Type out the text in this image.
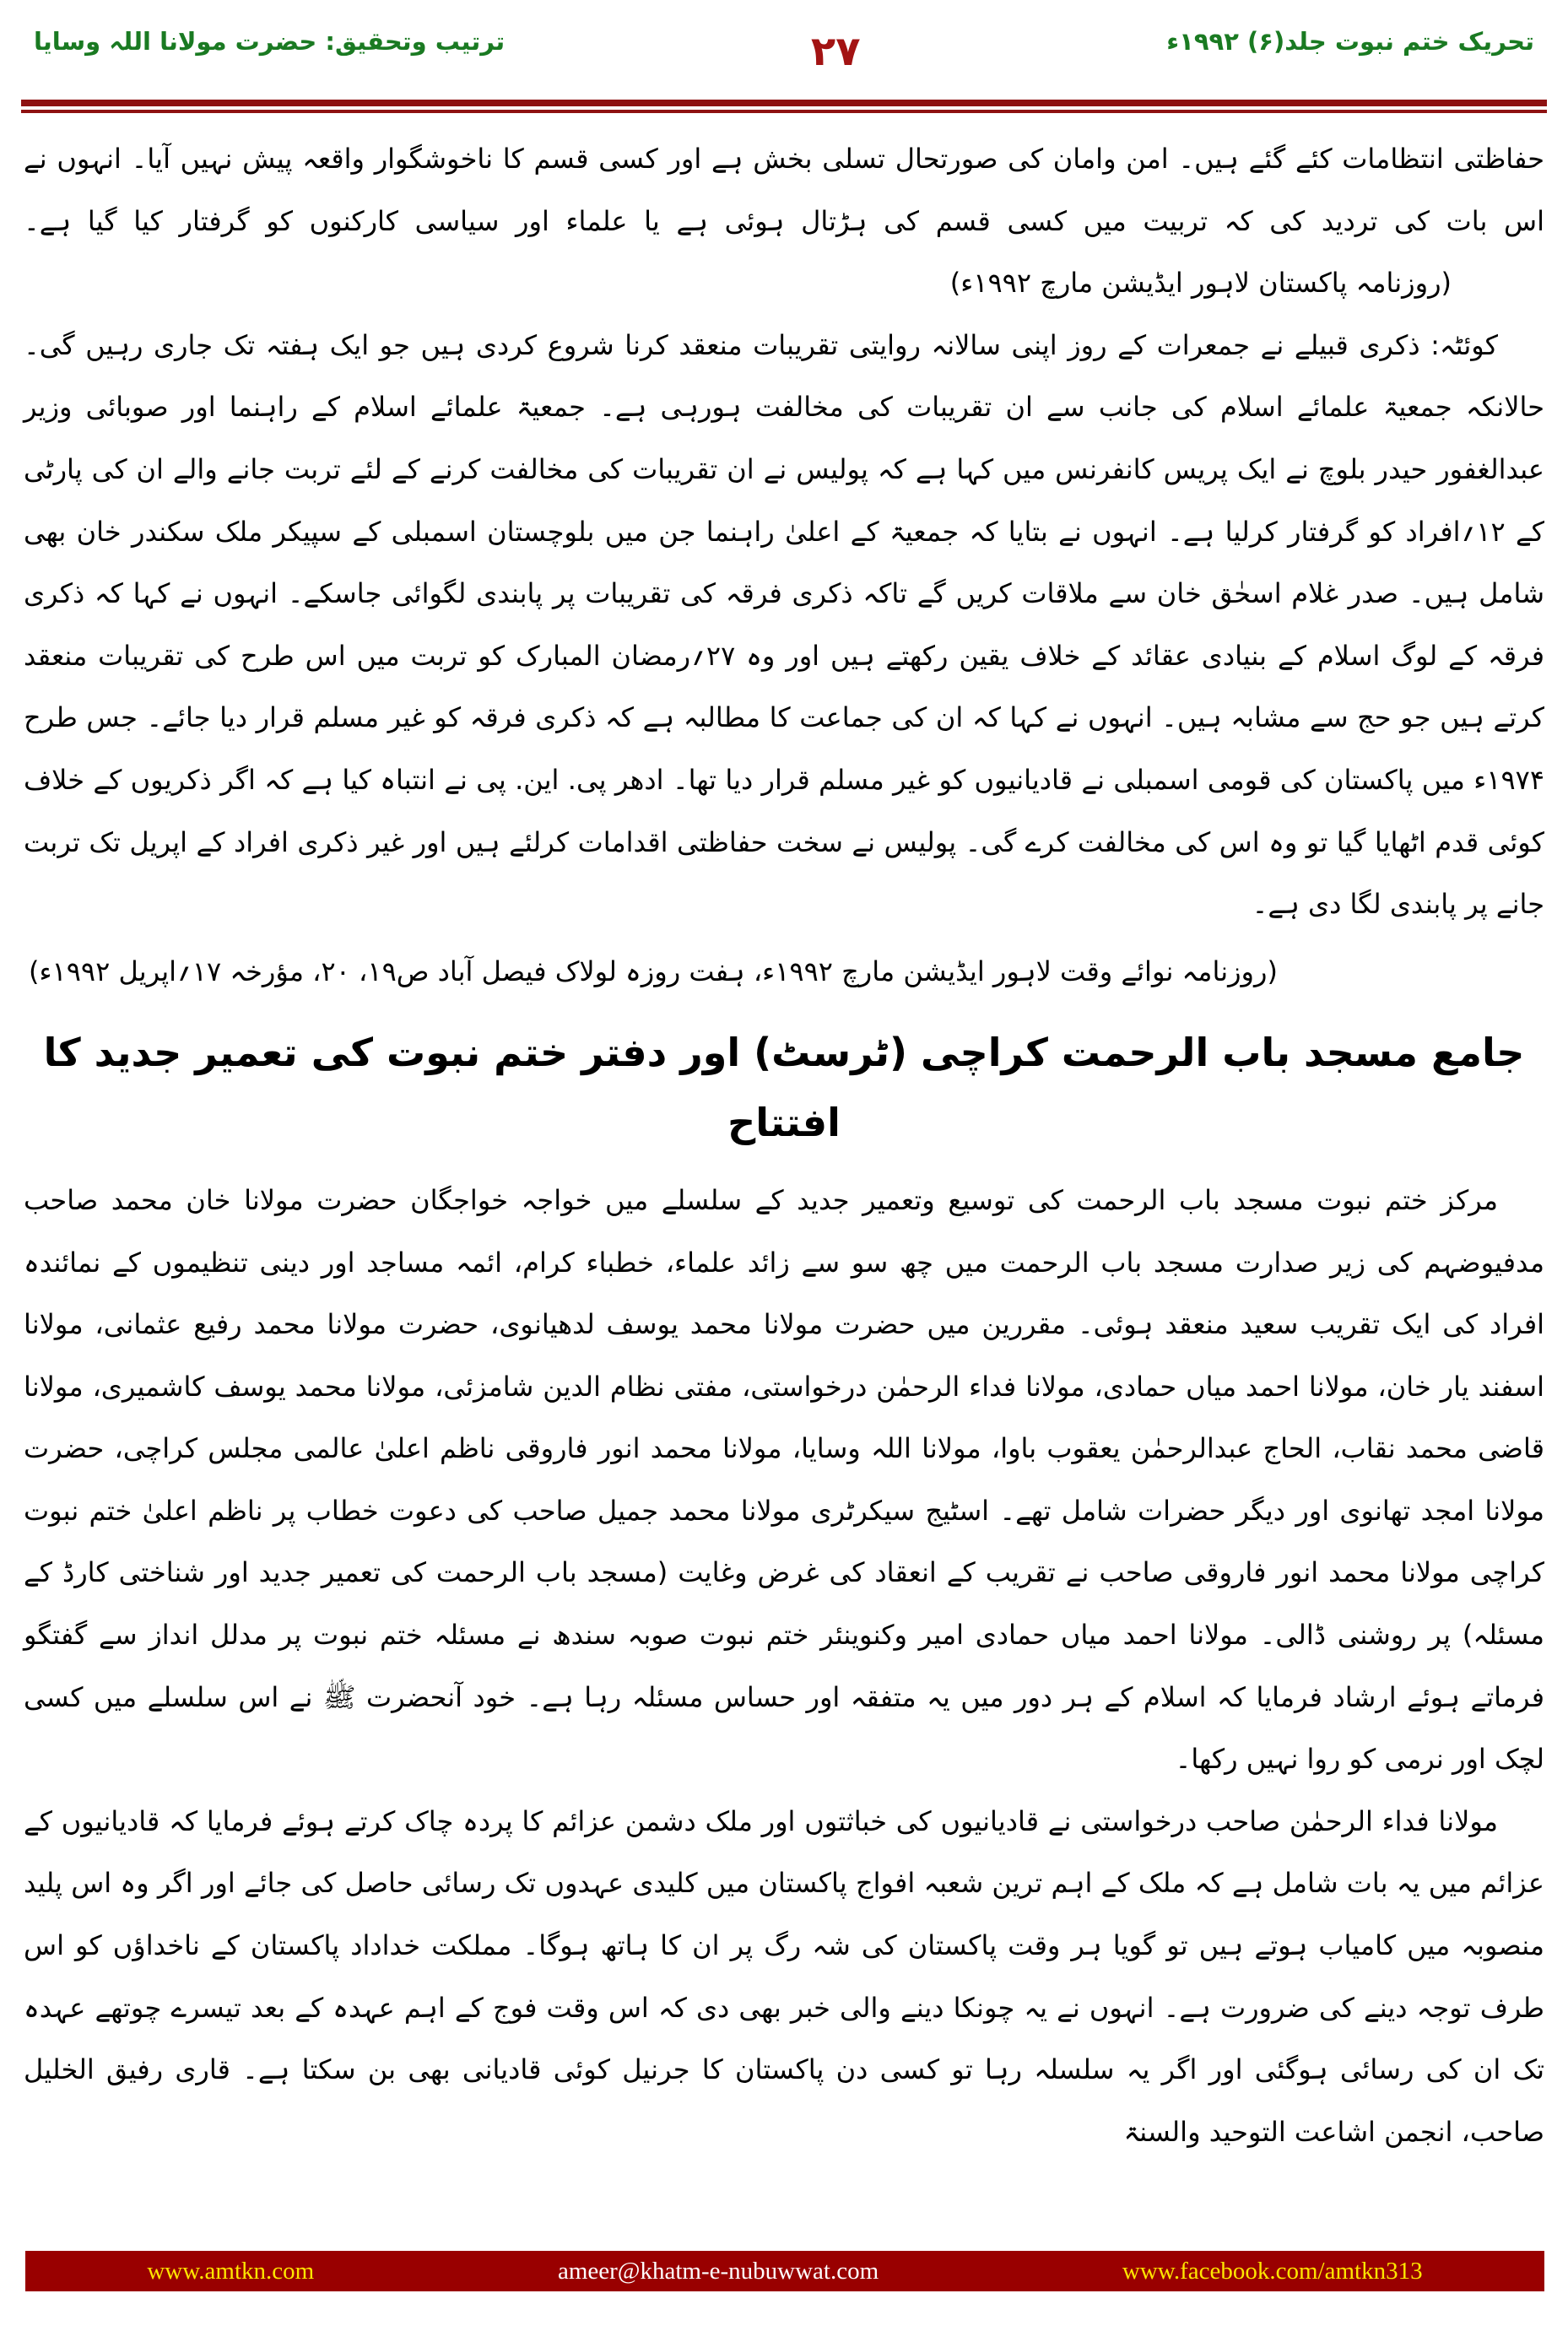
ترتیب وتحقیق: حضرت مولانا اللہ وسایا	۲۷	تحریک ختم نبوت جلد(۶) ۱۹۹۲ء

حفاظتی انتظامات کئے گئے ہیں۔ امن وامان کی صورتحال تسلی بخش ہے اور کسی قسم کا ناخوشگوار واقعہ پیش نہیں آیا۔ انہوں نے اس بات کی تردید کی کہ تربیت میں کسی قسم کی ہڑتال ہوئی ہے یا علماء اور سیاسی کارکنوں کو گرفتار کیا گیا ہے۔ (روزنامہ پاکستان لاہور ایڈیشن مارچ ۱۹۹۲ء)

کوئٹہ: ذکری قبیلے نے جمعرات کے روز اپنی سالانہ روایتی تقریبات منعقد کرنا شروع کردی ہیں جو ایک ہفتہ تک جاری رہیں گی۔ حالانکہ جمعیۃ علمائے اسلام کی جانب سے ان تقریبات کی مخالفت ہورہی ہے۔ جمعیۃ علمائے اسلام کے راہنما اور صوبائی وزیر عبدالغفور حیدر بلوچ نے ایک پریس کانفرنس میں کہا ہے کہ پولیس نے ان تقریبات کی مخالفت کرنے کے لئے تربت جانے والے ان کی پارٹی کے ۱۲؍افراد کو گرفتار کرلیا ہے۔ انہوں نے بتایا کہ جمعیۃ کے اعلیٰ راہنما جن میں بلوچستان اسمبلی کے سپیکر ملک سکندر خان بھی شامل ہیں۔ صدر غلام اسحٰق خان سے ملاقات کریں گے تاکہ ذکری فرقہ کی تقریبات پر پابندی لگوائی جاسکے۔ انہوں نے کہا کہ ذکری فرقہ کے لوگ اسلام کے بنیادی عقائد کے خلاف یقین رکھتے ہیں اور وہ ۲۷؍رمضان المبارک کو تربت میں اس طرح کی تقریبات منعقد کرتے ہیں جو حج سے مشابہ ہیں۔ انہوں نے کہا کہ ان کی جماعت کا مطالبہ ہے کہ ذکری فرقہ کو غیر مسلم قرار دیا جائے۔ جس طرح ۱۹۷۴ء میں پاکستان کی قومی اسمبلی نے قادیانیوں کو غیر مسلم قرار دیا تھا۔ ادھر پی. این. پی نے انتباہ کیا ہے کہ اگر ذکریوں کے خلاف کوئی قدم اٹھایا گیا تو وہ اس کی مخالفت کرے گی۔ پولیس نے سخت حفاظتی اقدامات کرلئے ہیں اور غیر ذکری افراد کے اپریل تک تربت جانے پر پابندی لگا دی ہے۔

(روزنامہ نوائے وقت لاہور ایڈیشن مارچ ۱۹۹۲ء، ہفت روزہ لولاک فیصل آباد ص۱۹، ۲۰، مؤرخہ ۱۷؍اپریل ۱۹۹۲ء)
جامع مسجد باب الرحمت کراچی (ٹرسٹ) اور دفتر ختم نبوت کی تعمیر جدید کا افتتاح

مرکز ختم نبوت مسجد باب الرحمت کی توسیع وتعمیر جدید کے سلسلے میں خواجہ خواجگان حضرت مولانا خان محمد صاحب مدفیوضہم کی زیر صدارت مسجد باب الرحمت میں چھ سو سے زائد علماء، خطباء کرام، ائمہ مساجد اور دینی تنظیموں کے نمائندہ افراد کی ایک تقریب سعید منعقد ہوئی۔ مقررین میں حضرت مولانا محمد یوسف لدھیانوی، حضرت مولانا محمد رفیع عثمانی، مولانا اسفند یار خان، مولانا احمد میاں حمادی، مولانا فداء الرحمٰن درخواستی، مفتی نظام الدین شامزئی، مولانا محمد یوسف کاشمیری، مولانا قاضی محمد نقاب، الحاج عبدالرحمٰن یعقوب باوا، مولانا اللہ وسایا، مولانا محمد انور فاروقی ناظم اعلیٰ عالمی مجلس کراچی، حضرت مولانا امجد تھانوی اور دیگر حضرات شامل تھے۔ اسٹیج سیکرٹری مولانا محمد جمیل صاحب کی دعوت خطاب پر ناظم اعلیٰ ختم نبوت کراچی مولانا محمد انور فاروقی صاحب نے تقریب کے انعقاد کی غرض وغایت (مسجد باب الرحمت کی تعمیر جدید اور شناختی کارڈ کے مسئلہ) پر روشنی ڈالی۔ مولانا احمد میاں حمادی امیر وکنوینئر ختم نبوت صوبہ سندھ نے مسئلہ ختم نبوت پر مدلل انداز سے گفتگو فرماتے ہوئے ارشاد فرمایا کہ اسلام کے ہر دور میں یہ متفقہ اور حساس مسئلہ رہا ہے۔ خود آنحضرت ﷺ نے اس سلسلے میں کسی لچک اور نرمی کو روا نہیں رکھا۔

مولانا فداء الرحمٰن صاحب درخواستی نے قادیانیوں کی خباثتوں اور ملک دشمن عزائم کا پردہ چاک کرتے ہوئے فرمایا کہ قادیانیوں کے عزائم میں یہ بات شامل ہے کہ ملک کے اہم ترین شعبہ افواج پاکستان میں کلیدی عہدوں تک رسائی حاصل کی جائے اور اگر وہ اس پلید منصوبہ میں کامیاب ہوتے ہیں تو گویا ہر وقت پاکستان کی شہ رگ پر ان کا ہاتھ ہوگا۔ مملکت خداداد پاکستان کے ناخداؤں کو اس طرف توجہ دینے کی ضرورت ہے۔ انہوں نے یہ چونکا دینے والی خبر بھی دی کہ اس وقت فوج کے اہم عہدہ کے بعد تیسرے چوتھے عہدہ تک ان کی رسائی ہوگئی اور اگر یہ سلسلہ رہا تو کسی دن پاکستان کا جرنیل کوئی قادیانی بھی بن سکتا ہے۔ قاری رفیق الخلیل صاحب، انجمن اشاعت التوحید والسنۃ

www.amtkn.com	ameer@khatm-e-nubuwwat.com	www.facebook.com/amtkn313
